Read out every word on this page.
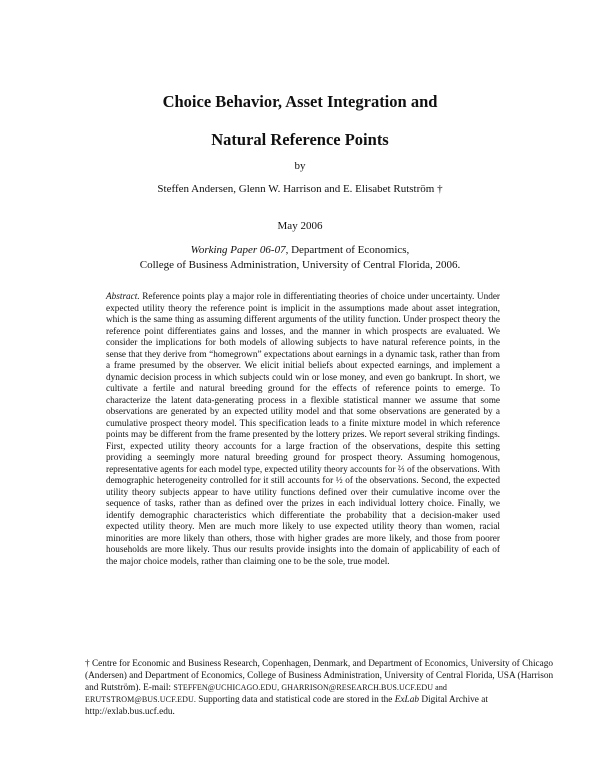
Choice Behavior, Asset Integration and
Natural Reference Points
by
Steffen Andersen, Glenn W. Harrison and E. Elisabet Rutström †
May 2006
Working Paper 06-07, Department of Economics,
College of Business Administration, University of Central Florida, 2006.
Abstract. Reference points play a major role in differentiating theories of choice under uncertainty. Under expected utility theory the reference point is implicit in the assumptions made about asset integration, which is the same thing as assuming different arguments of the utility function. Under prospect theory the reference point differentiates gains and losses, and the manner in which prospects are evaluated. We consider the implications for both models of allowing subjects to have natural reference points, in the sense that they derive from “homegrown” expectations about earnings in a dynamic task, rather than from a frame presumed by the observer. We elicit initial beliefs about expected earnings, and implement a dynamic decision process in which subjects could win or lose money, and even go bankrupt. In short, we cultivate a fertile and natural breeding ground for the effects of reference points to emerge. To characterize the latent data-generating process in a flexible statistical manner we assume that some observations are generated by an expected utility model and that some observations are generated by a cumulative prospect theory model. This specification leads to a finite mixture model in which reference points may be different from the frame presented by the lottery prizes. We report several striking findings. First, expected utility theory accounts for a large fraction of the observations, despite this setting providing a seemingly more natural breeding ground for prospect theory. Assuming homogenous, representative agents for each model type, expected utility theory accounts for ⅔ of the observations. With demographic heterogeneity controlled for it still accounts for ½ of the observations. Second, the expected utility theory subjects appear to have utility functions defined over their cumulative income over the sequence of tasks, rather than as defined over the prizes in each individual lottery choice. Finally, we identify demographic characteristics which differentiate the probability that a decision-maker used expected utility theory. Men are much more likely to use expected utility theory than women, racial minorities are more likely than others, those with higher grades are more likely, and those from poorer households are more likely. Thus our results provide insights into the domain of applicability of each of the major choice models, rather than claiming one to be the sole, true model.
† Centre for Economic and Business Research, Copenhagen, Denmark, and Department of Economics, University of Chicago (Andersen) and Department of Economics, College of Business Administration, University of Central Florida, USA (Harrison and Rutström). E-mail: STEFFEN@UCHICAGO.EDU, GHARRISON@RESEARCH.BUS.UCF.EDU and ERUTSTROM@BUS.UCF.EDU. Supporting data and statistical code are stored in the ExLab Digital Archive at http://exlab.bus.ucf.edu.
